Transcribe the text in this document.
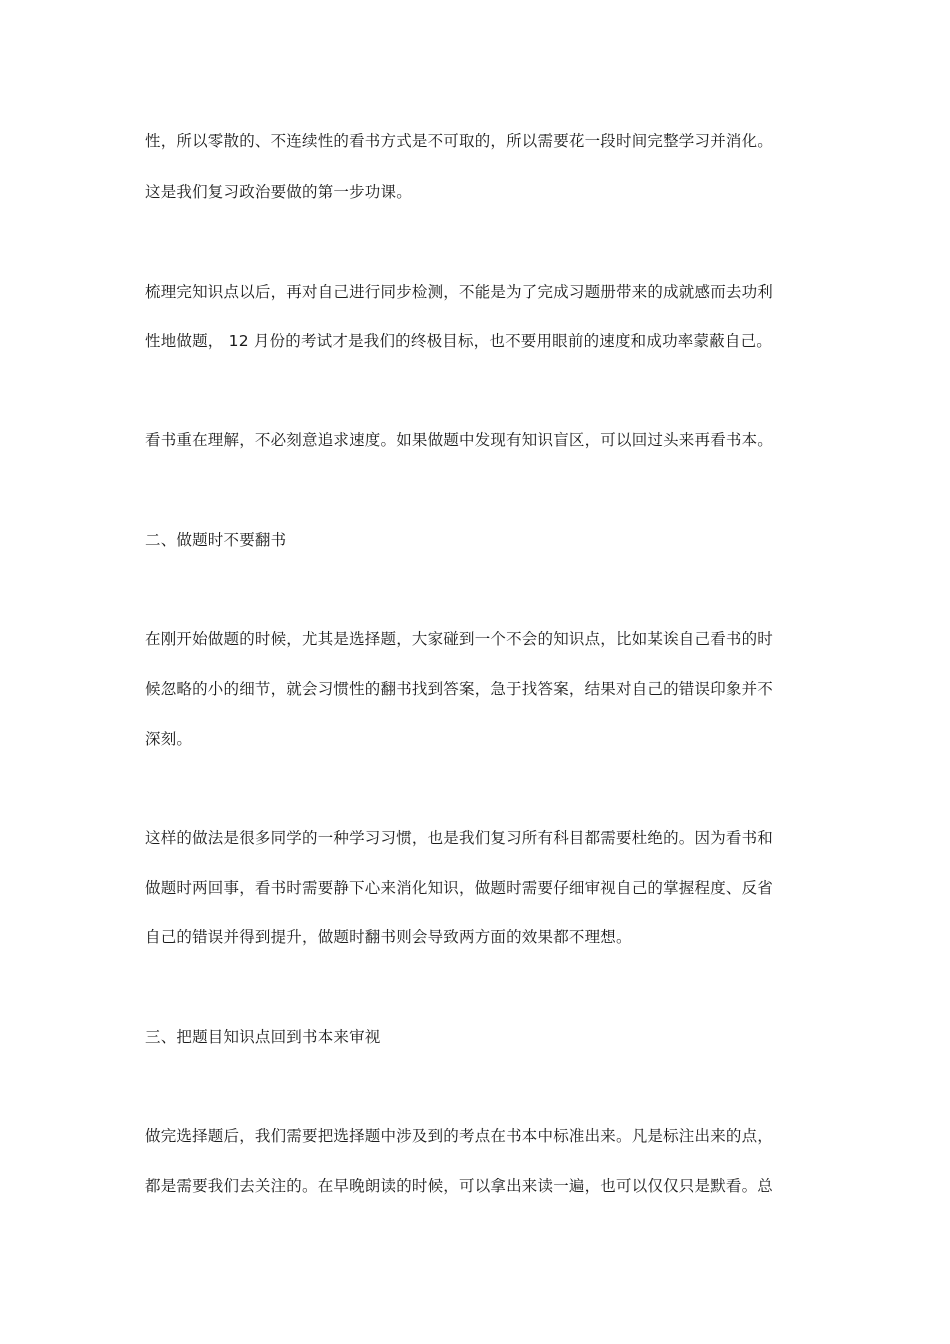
性，所以零散的、不连续性的看书方式是不可取的，所以需要花一段时间完整学习并消化。
这是我们复习政治要做的第一步功课。
梳理完知识点以后，再对自己进行同步检测，不能是为了完成习题册带来的成就感而去功利
性地做题， 12 月份的考试才是我们的终极目标，也不要用眼前的速度和成功率蒙蔽自己。
看书重在理解，不必刻意追求速度。如果做题中发现有知识盲区，可以回过头来再看书本。
二、做题时不要翻书
在刚开始做题的时候，尤其是选择题，大家碰到一个不会的知识点，比如某诶自己看书的时
候忽略的小的细节，就会习惯性的翻书找到答案，急于找答案，结果对自己的错误印象并不
深刻。
这样的做法是很多同学的一种学习习惯，也是我们复习所有科目都需要杜绝的。因为看书和
做题时两回事，看书时需要静下心来消化知识，做题时需要仔细审视自己的掌握程度、反省
自己的错误并得到提升，做题时翻书则会导致两方面的效果都不理想。
三、把题目知识点回到书本来审视
做完选择题后，我们需要把选择题中涉及到的考点在书本中标准出来。凡是标注出来的点，
都是需要我们去关注的。在早晚朗读的时候，可以拿出来读一遍，也可以仅仅只是默看。总
